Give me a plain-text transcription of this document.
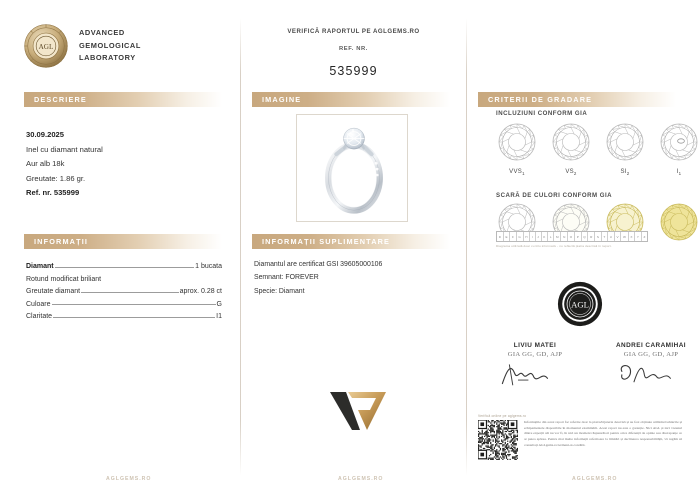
AGL
ADVANCED
GEMOLOGICAL
LABORATORY
VERIFICĂ RAPORTUL PE AGLGEMS.RO
REF. NR.
535999
DESCRIERE	IMAGINE	CRITERII DE GRADARE
INFORMAȚII	INFORMAȚII SUPLIMENTARE
30.09.2025
Inel cu diamant natural
Aur alb 18k
Greutate: 1.86 gr.
Ref. nr. 535999
Diamant	1 bucata
Rotund modificat briliant
Greutate diamant	aprox. 0.28 ct
Culoare	G
Claritate	I1
Diamantul are certificat GSI 39605000106
Semnant: FOREVER
Specie: Diamant
INCLUZIUNI CONFORM GIA
$VVS_1$	$VS_2$	$SI_2$	$I_1$
SCARĂ DE CULORI CONFORM GIA
D	E	F	G	H	I	J	K	L	M	N	O	P	Q	R	S	T	U	V	W	X	Y	Z
Diagrama utilizată doar cu titlu informativ - nu reflectă piatra descrisă în raport.
AGL
LIVIU MATEI
GIA GG, GD, AJP
ANDREI CARAMIHAI
GIA GG, GD, AJP
Verifică online pe aglgems.ro
Informațiile din acest raport fac referire doar la piatra/bijuteria descrisă și au fost obținute utilizând tehnicile și echipamentele disponibile în momentul examinării. Acest raport nu este o garanție. Nici AGL și nici vreunul dintre experții săi nu vor fi, în nici un moment răspunzători pentru orice diferență de opinie sau discrepanțe ce ar putea apărea. Pentru mai multe informații referitoare la limitări și declinarea responsabilității, vă rugăm să consultați AGLgems.ro/termeni-si-conditii.
AGLGEMS.RO	AGLGEMS.RO	AGLGEMS.RO
